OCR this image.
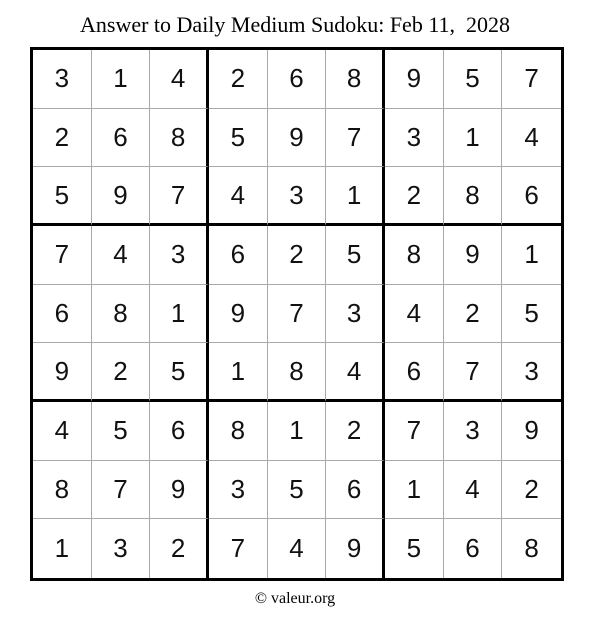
Answer to Daily Medium Sudoku: Feb 11,  2028
3	1	4	2	6	8	9	5	7
2	6	8	5	9	7	3	1	4
5	9	7	4	3	1	2	8	6
7	4	3	6	2	5	8	9	1
6	8	1	9	7	3	4	2	5
9	2	5	1	8	4	6	7	3
4	5	6	8	1	2	7	3	9
8	7	9	3	5	6	1	4	2
1	3	2	7	4	9	5	6	8
© valeur.org
